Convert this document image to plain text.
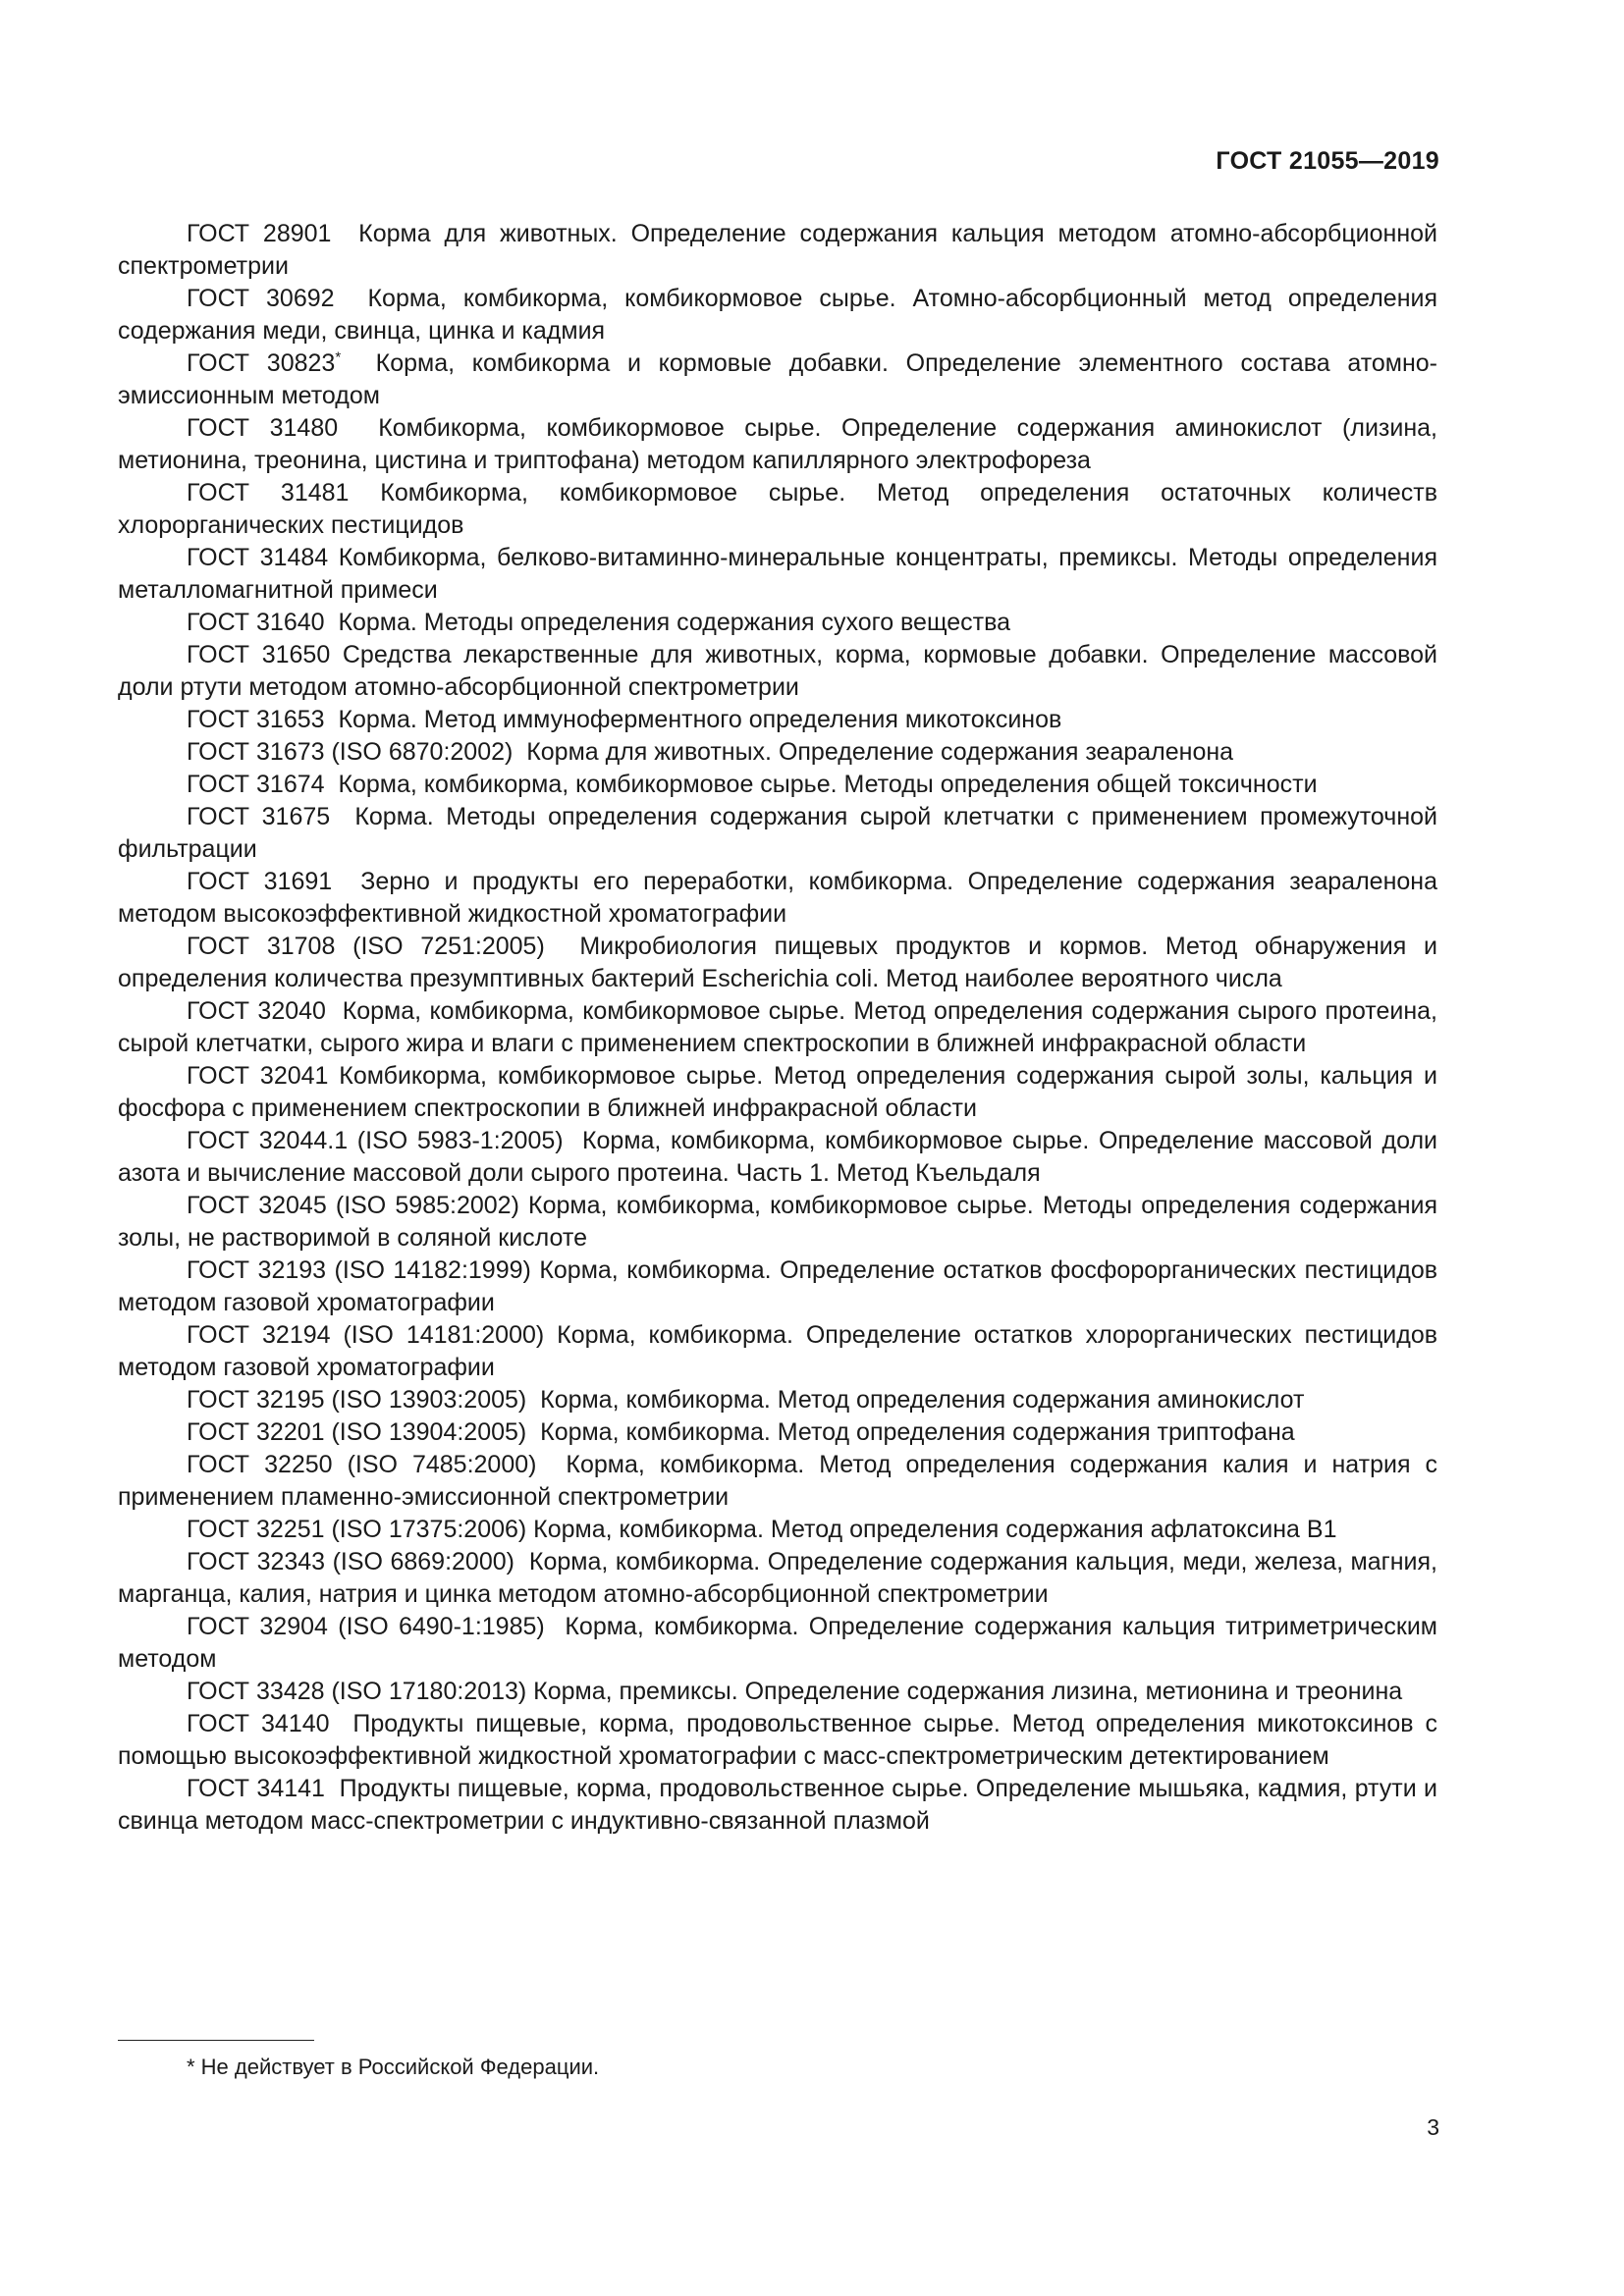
ГОСТ 21055—2019

ГОСТ 28901  Корма для животных. Определение содержания кальция методом атомно-абсорбционной спектрометрии

ГОСТ 30692  Корма, комбикорма, комбикормовое сырье. Атомно-абсорбционный метод определения содержания меди, свинца, цинка и кадмия

ГОСТ 30823*  Корма, комбикорма и кормовые добавки. Определение элементного состава атомно-эмиссионным методом

ГОСТ 31480  Комбикорма, комбикормовое сырье. Определение содержания аминокислот (лизина, метионина, треонина, цистина и триптофана) методом капиллярного электрофореза

ГОСТ 31481 Комбикорма, комбикормовое сырье. Метод определения остаточных количеств хлорорганических пестицидов

ГОСТ 31484 Комбикорма, белково-витаминно-минеральные концентраты, премиксы. Методы определения металломагнитной примеси

ГОСТ 31640  Корма. Методы определения содержания сухого вещества

ГОСТ 31650 Средства лекарственные для животных, корма, кормовые добавки. Определение массовой доли ртути методом атомно-абсорбционной спектрометрии

ГОСТ 31653  Корма. Метод иммуноферментного определения микотоксинов

ГОСТ 31673 (ISO 6870:2002)  Корма для животных. Определение содержания зеараленона

ГОСТ 31674  Корма, комбикорма, комбикормовое сырье. Методы определения общей токсичности

ГОСТ 31675  Корма. Методы определения содержания сырой клетчатки с применением промежуточной фильтрации

ГОСТ 31691  Зерно и продукты его переработки, комбикорма. Определение содержания зеараленона методом высокоэффективной жидкостной хроматографии

ГОСТ 31708 (ISO 7251:2005)  Микробиология пищевых продуктов и кормов. Метод обнаружения и определения количества презумптивных бактерий Escherichia coli. Метод наиболее вероятного числа

ГОСТ 32040  Корма, комбикорма, комбикормовое сырье. Метод определения содержания сырого протеина, сырой клетчатки, сырого жира и влаги с применением спектроскопии в ближней инфракрасной области

ГОСТ 32041 Комбикорма, комбикормовое сырье. Метод определения содержания сырой золы, кальция и фосфора с применением спектроскопии в ближней инфракрасной области

ГОСТ 32044.1 (ISO 5983-1:2005)  Корма, комбикорма, комбикормовое сырье. Определение массовой доли азота и вычисление массовой доли сырого протеина. Часть 1. Метод Къельдаля

ГОСТ 32045 (ISO 5985:2002) Корма, комбикорма, комбикормовое сырье. Методы определения содержания золы, не растворимой в соляной кислоте

ГОСТ 32193 (ISO 14182:1999) Корма, комбикорма. Определение остатков фосфорорганических пестицидов методом газовой хроматографии

ГОСТ 32194 (ISO 14181:2000) Корма, комбикорма. Определение остатков хлорорганических пестицидов методом газовой хроматографии

ГОСТ 32195 (ISO 13903:2005)  Корма, комбикорма. Метод определения содержания аминокислот

ГОСТ 32201 (ISO 13904:2005)  Корма, комбикорма. Метод определения содержания триптофана

ГОСТ 32250 (ISO 7485:2000)  Корма, комбикорма. Метод определения содержания калия и натрия с применением пламенно-эмиссионной спектрометрии

ГОСТ 32251 (ISO 17375:2006) Корма, комбикорма. Метод определения содержания афлатоксина B1

ГОСТ 32343 (ISO 6869:2000)  Корма, комбикорма. Определение содержания кальция, меди, железа, магния, марганца, калия, натрия и цинка методом атомно-абсорбционной спектрометрии

ГОСТ 32904 (ISO 6490-1:1985)  Корма, комбикорма. Определение содержания кальция титриметрическим методом

ГОСТ 33428 (ISO 17180:2013) Корма, премиксы. Определение содержания лизина, метионина и треонина

ГОСТ 34140  Продукты пищевые, корма, продовольственное сырье. Метод определения микотоксинов с помощью высокоэффективной жидкостной хроматографии с масс-спектрометрическим детектированием

ГОСТ 34141  Продукты пищевые, корма, продовольственное сырье. Определение мышьяка, кадмия, ртути и свинца методом масс-спектрометрии с индуктивно-связанной плазмой

* Не действует в Российской Федерации.
3
